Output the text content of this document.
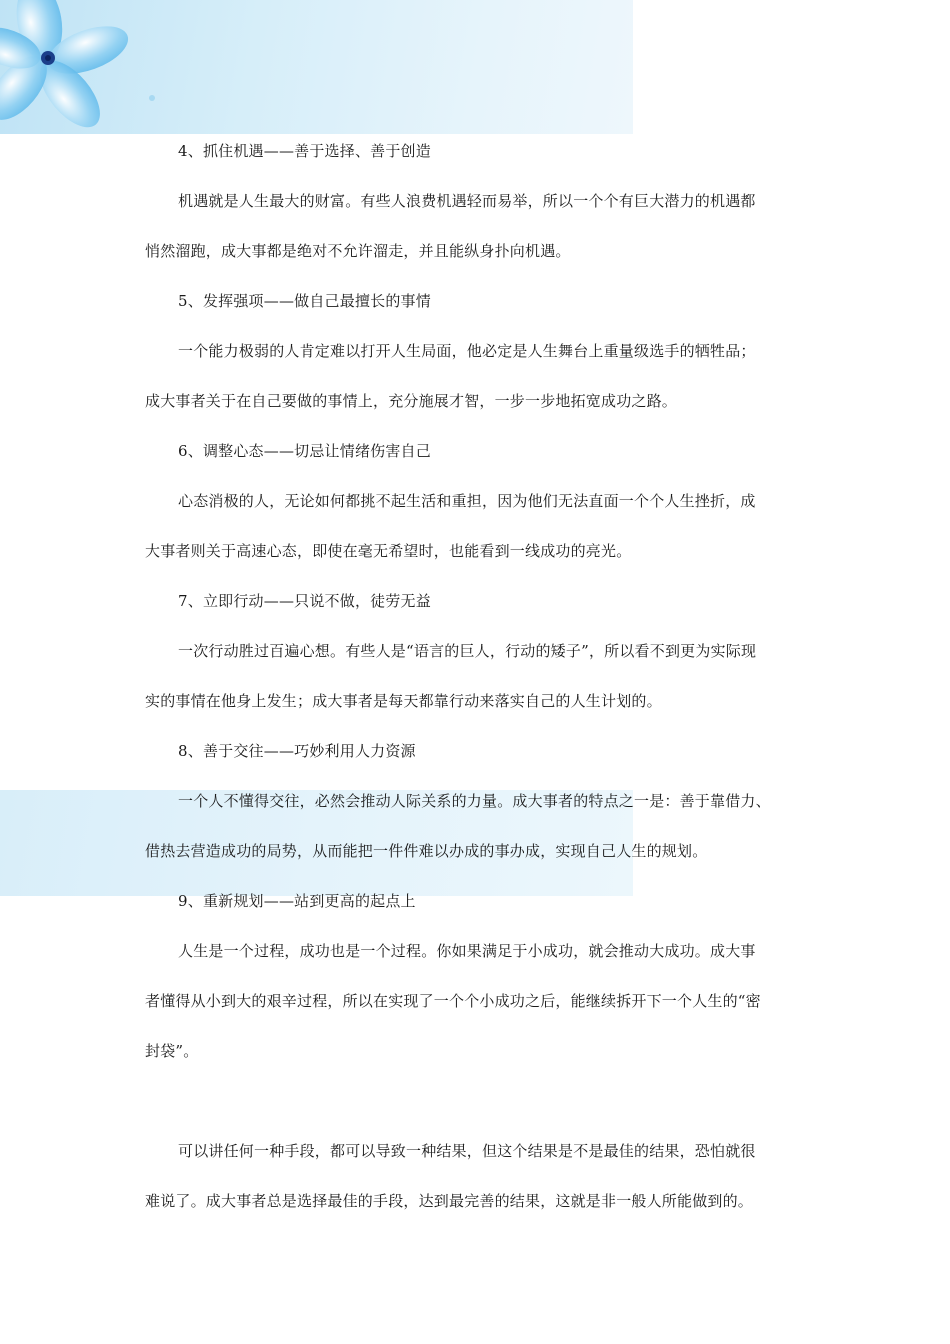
4、抓住机遇——善于选择、善于创造
机遇就是人生最大的财富。有些人浪费机遇轻而易举，所以一个个有巨大潜力的机遇都
悄然溜跑，成大事都是绝对不允许溜走，并且能纵身扑向机遇。
5、发挥强项——做自己最擅长的事情
一个能力极弱的人肯定难以打开人生局面，他必定是人生舞台上重量级选手的牺牲品；
成大事者关于在自己要做的事情上，充分施展才智，一步一步地拓宽成功之路。
6、调整心态——切忌让情绪伤害自己
心态消极的人，无论如何都挑不起生活和重担，因为他们无法直面一个个人生挫折，成
大事者则关于高速心态，即使在毫无希望时，也能看到一线成功的亮光。
7、立即行动——只说不做，徒劳无益
一次行动胜过百遍心想。有些人是“语言的巨人，行动的矮子”，所以看不到更为实际现
实的事情在他身上发生；成大事者是每天都靠行动来落实自己的人生计划的。
8、善于交往——巧妙利用人力资源
一个人不懂得交往，必然会推动人际关系的力量。成大事者的特点之一是：善于靠借力、
借热去营造成功的局势，从而能把一件件难以办成的事办成，实现自己人生的规划。
9、重新规划——站到更高的起点上
人生是一个过程，成功也是一个过程。你如果满足于小成功，就会推动大成功。成大事
者懂得从小到大的艰辛过程，所以在实现了一个个小成功之后，能继续拆开下一个人生的“密
封袋”。
可以讲任何一种手段，都可以导致一种结果，但这个结果是不是最佳的结果，恐怕就很
难说了。成大事者总是选择最佳的手段，达到最完善的结果，这就是非一般人所能做到的。
